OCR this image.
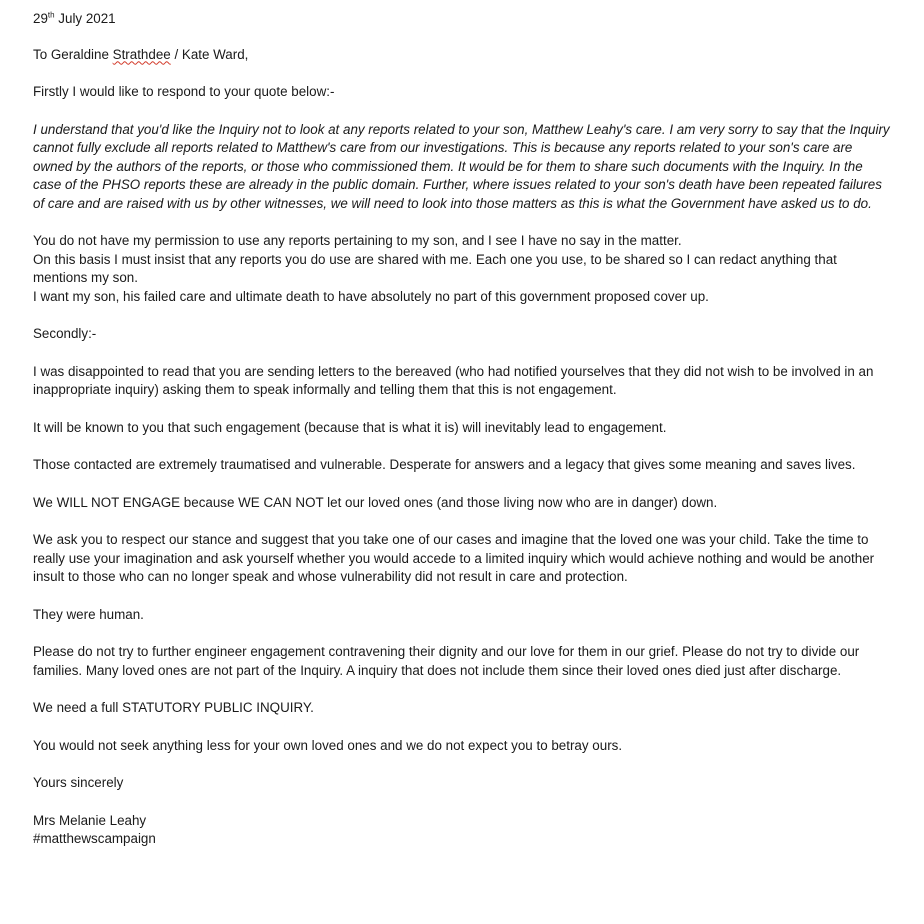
29th July 2021

To Geraldine Strathdee / Kate Ward,

Firstly I would like to respond to your quote below:-

I understand that you'd like the Inquiry not to look at any reports related to your son, Matthew Leahy's care. I am very sorry to say that the Inquiry cannot fully exclude all reports related to Matthew's care from our investigations. This is because any reports related to your son's care are owned by the authors of the reports, or those who commissioned them. It would be for them to share such documents with the Inquiry. In the case of the PHSO reports these are already in the public domain. Further, where issues related to your son's death have been repeated failures of care and are raised with us by other witnesses, we will need to look into those matters as this is what the Government have asked us to do.

You do not have my permission to use any reports pertaining to my son, and I see I have no say in the matter.

On this basis I must insist that any reports you do use are shared with me. Each one you use, to be shared so I can redact anything that mentions my son.

I want my son, his failed care and ultimate death to have absolutely no part of this government proposed cover up.

Secondly:-

I was disappointed to read that you are sending letters to the bereaved (who had notified yourselves that they did not wish to be involved in an inappropriate inquiry) asking them to speak informally and telling them that this is not engagement.

It will be known to you that such engagement (because that is what it is) will inevitably lead to engagement.

Those contacted are extremely traumatised and vulnerable. Desperate for answers and a legacy that gives some meaning and saves lives.

We WILL NOT ENGAGE because WE CAN NOT let our loved ones (and those living now who are in danger) down.

We ask you to respect our stance and suggest that you take one of our cases and imagine that the loved one was your child. Take the time to really use your imagination and ask yourself whether you would accede to a limited inquiry which would achieve nothing and would be another insult to those who can no longer speak and whose vulnerability did not result in care and protection.

They were human.

Please do not try to further engineer engagement contravening their dignity and our love for them in our grief. Please do not try to divide our families. Many loved ones are not part of the Inquiry. A inquiry that does not include them since their loved ones died just after discharge.

We need a full STATUTORY PUBLIC INQUIRY.

You would not seek anything less for your own loved ones and we do not expect you to betray ours.

Yours sincerely

Mrs Melanie Leahy

#matthewscampaign
